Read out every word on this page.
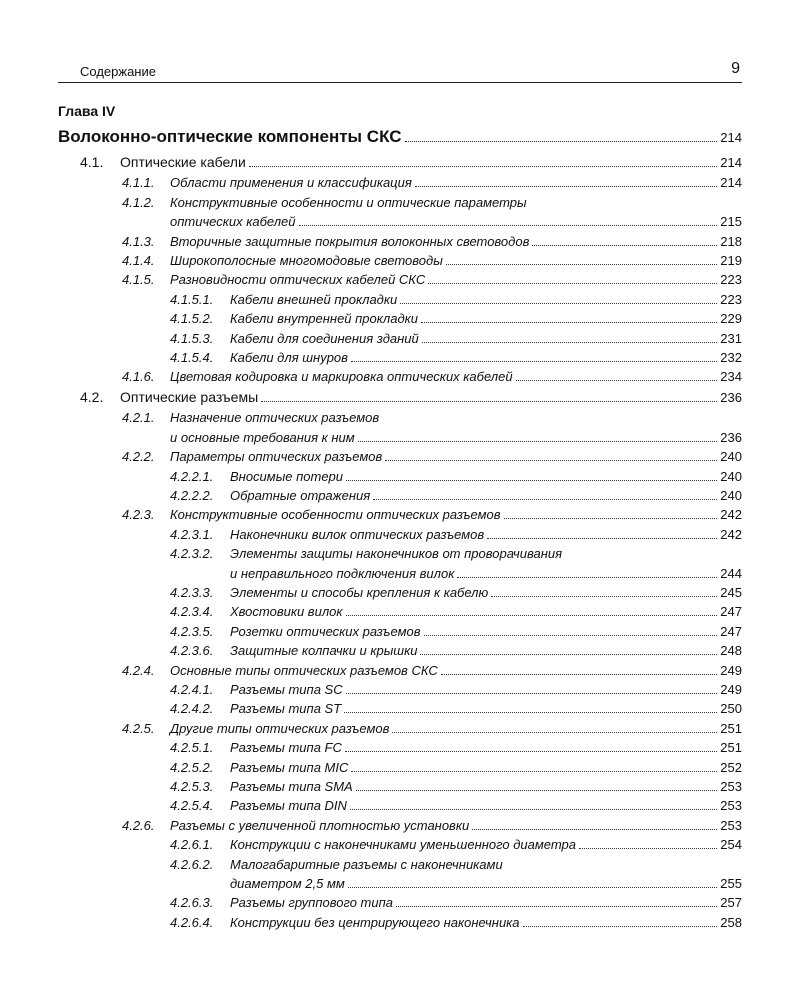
Содержание	9
Глава IV
Волоконно-оптические компоненты СКС	214
4.1.	Оптические кабели	214
4.1.1.	Области применения и классификация	214
4.1.2.	Конструктивные особенности и оптические параметры
оптических кабелей	215
4.1.3.	Вторичные защитные покрытия волоконных световодов	218
4.1.4.	Широкополосные многомодовые световоды	219
4.1.5.	Разновидности оптических кабелей СКС	223
4.1.5.1.	Кабели внешней прокладки	223
4.1.5.2.	Кабели внутренней прокладки	229
4.1.5.3.	Кабели для соединения зданий	231
4.1.5.4.	Кабели для шнуров	232
4.1.6.	Цветовая кодировка и маркировка оптических кабелей	234
4.2.	Оптические разъемы	236
4.2.1.	Назначение оптических разъемов
и основные требования к ним	236
4.2.2.	Параметры оптических разъемов	240
4.2.2.1.	Вносимые потери	240
4.2.2.2.	Обратные отражения	240
4.2.3.	Конструктивные особенности оптических разъемов	242
4.2.3.1.	Наконечники вилок оптических разъемов	242
4.2.3.2.	Элементы защиты наконечников от проворачивания
и неправильного подключения вилок	244
4.2.3.3.	Элементы и способы крепления к кабелю	245
4.2.3.4.	Хвостовики вилок	247
4.2.3.5.	Розетки оптических разъемов	247
4.2.3.6.	Защитные колпачки и крышки	248
4.2.4.	Основные типы оптических разъемов СКС	249
4.2.4.1.	Разъемы типа SC	249
4.2.4.2.	Разъемы типа ST	250
4.2.5.	Другие типы оптических разъемов	251
4.2.5.1.	Разъемы типа FC	251
4.2.5.2.	Разъемы типа MIC	252
4.2.5.3.	Разъемы типа SMA	253
4.2.5.4.	Разъемы типа DIN	253
4.2.6.	Разъемы с увеличенной плотностью установки	253
4.2.6.1.	Конструкции с наконечниками уменьшенного диаметра	254
4.2.6.2.	Малогабаритные разъемы с наконечниками
диаметром 2,5 мм	255
4.2.6.3.	Разъемы группового типа	257
4.2.6.4.	Конструкции без центрирующего наконечника	258
